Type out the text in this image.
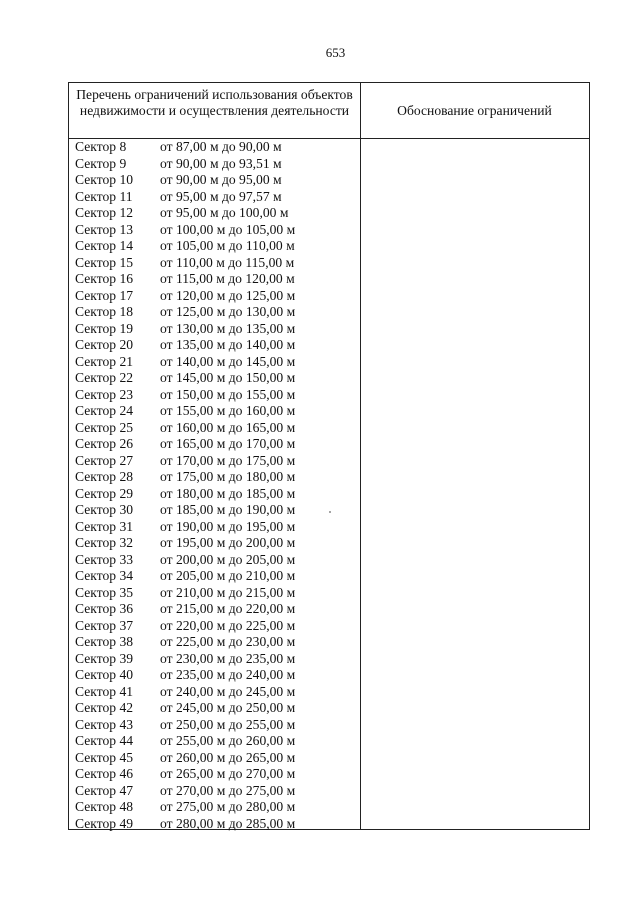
653
Перечень ограничений использования объектов недвижимости и осуществления деятельности	Обоснование ограничений
Сектор 8 от 87,00 м до 90,00 м
Сектор 9 от 90,00 м до 93,51 м
Сектор 10 от 90,00 м до 95,00 м
Сектор 11 от 95,00 м до 97,57 м
Сектор 12 от 95,00 м до 100,00 м
Сектор 13 от 100,00 м до 105,00 м
Сектор 14 от 105,00 м до 110,00 м
Сектор 15 от 110,00 м до 115,00 м
Сектор 16 от 115,00 м до 120,00 м
Сектор 17 от 120,00 м до 125,00 м
Сектор 18 от 125,00 м до 130,00 м
Сектор 19 от 130,00 м до 135,00 м
Сектор 20 от 135,00 м до 140,00 м
Сектор 21 от 140,00 м до 145,00 м
Сектор 22 от 145,00 м до 150,00 м
Сектор 23 от 150,00 м до 155,00 м
Сектор 24 от 155,00 м до 160,00 м
Сектор 25 от 160,00 м до 165,00 м
Сектор 26 от 165,00 м до 170,00 м
Сектор 27 от 170,00 м до 175,00 м
Сектор 28 от 175,00 м до 180,00 м
Сектор 29 от 180,00 м до 185,00 м
Сектор 30 от 185,00 м до 190,00 м
Сектор 31 от 190,00 м до 195,00 м
Сектор 32 от 195,00 м до 200,00 м
Сектор 33 от 200,00 м до 205,00 м
Сектор 34 от 205,00 м до 210,00 м
Сектор 35 от 210,00 м до 215,00 м
Сектор 36 от 215,00 м до 220,00 м
Сектор 37 от 220,00 м до 225,00 м
Сектор 38 от 225,00 м до 230,00 м
Сектор 39 от 230,00 м до 235,00 м
Сектор 40 от 235,00 м до 240,00 м
Сектор 41 от 240,00 м до 245,00 м
Сектор 42 от 245,00 м до 250,00 м
Сектор 43 от 250,00 м до 255,00 м
Сектор 44 от 255,00 м до 260,00 м
Сектор 45 от 260,00 м до 265,00 м
Сектор 46 от 265,00 м до 270,00 м
Сектор 47 от 270,00 м до 275,00 м
Сектор 48 от 275,00 м до 280,00 м
Сектор 49 от 280,00 м до 285,00 м
